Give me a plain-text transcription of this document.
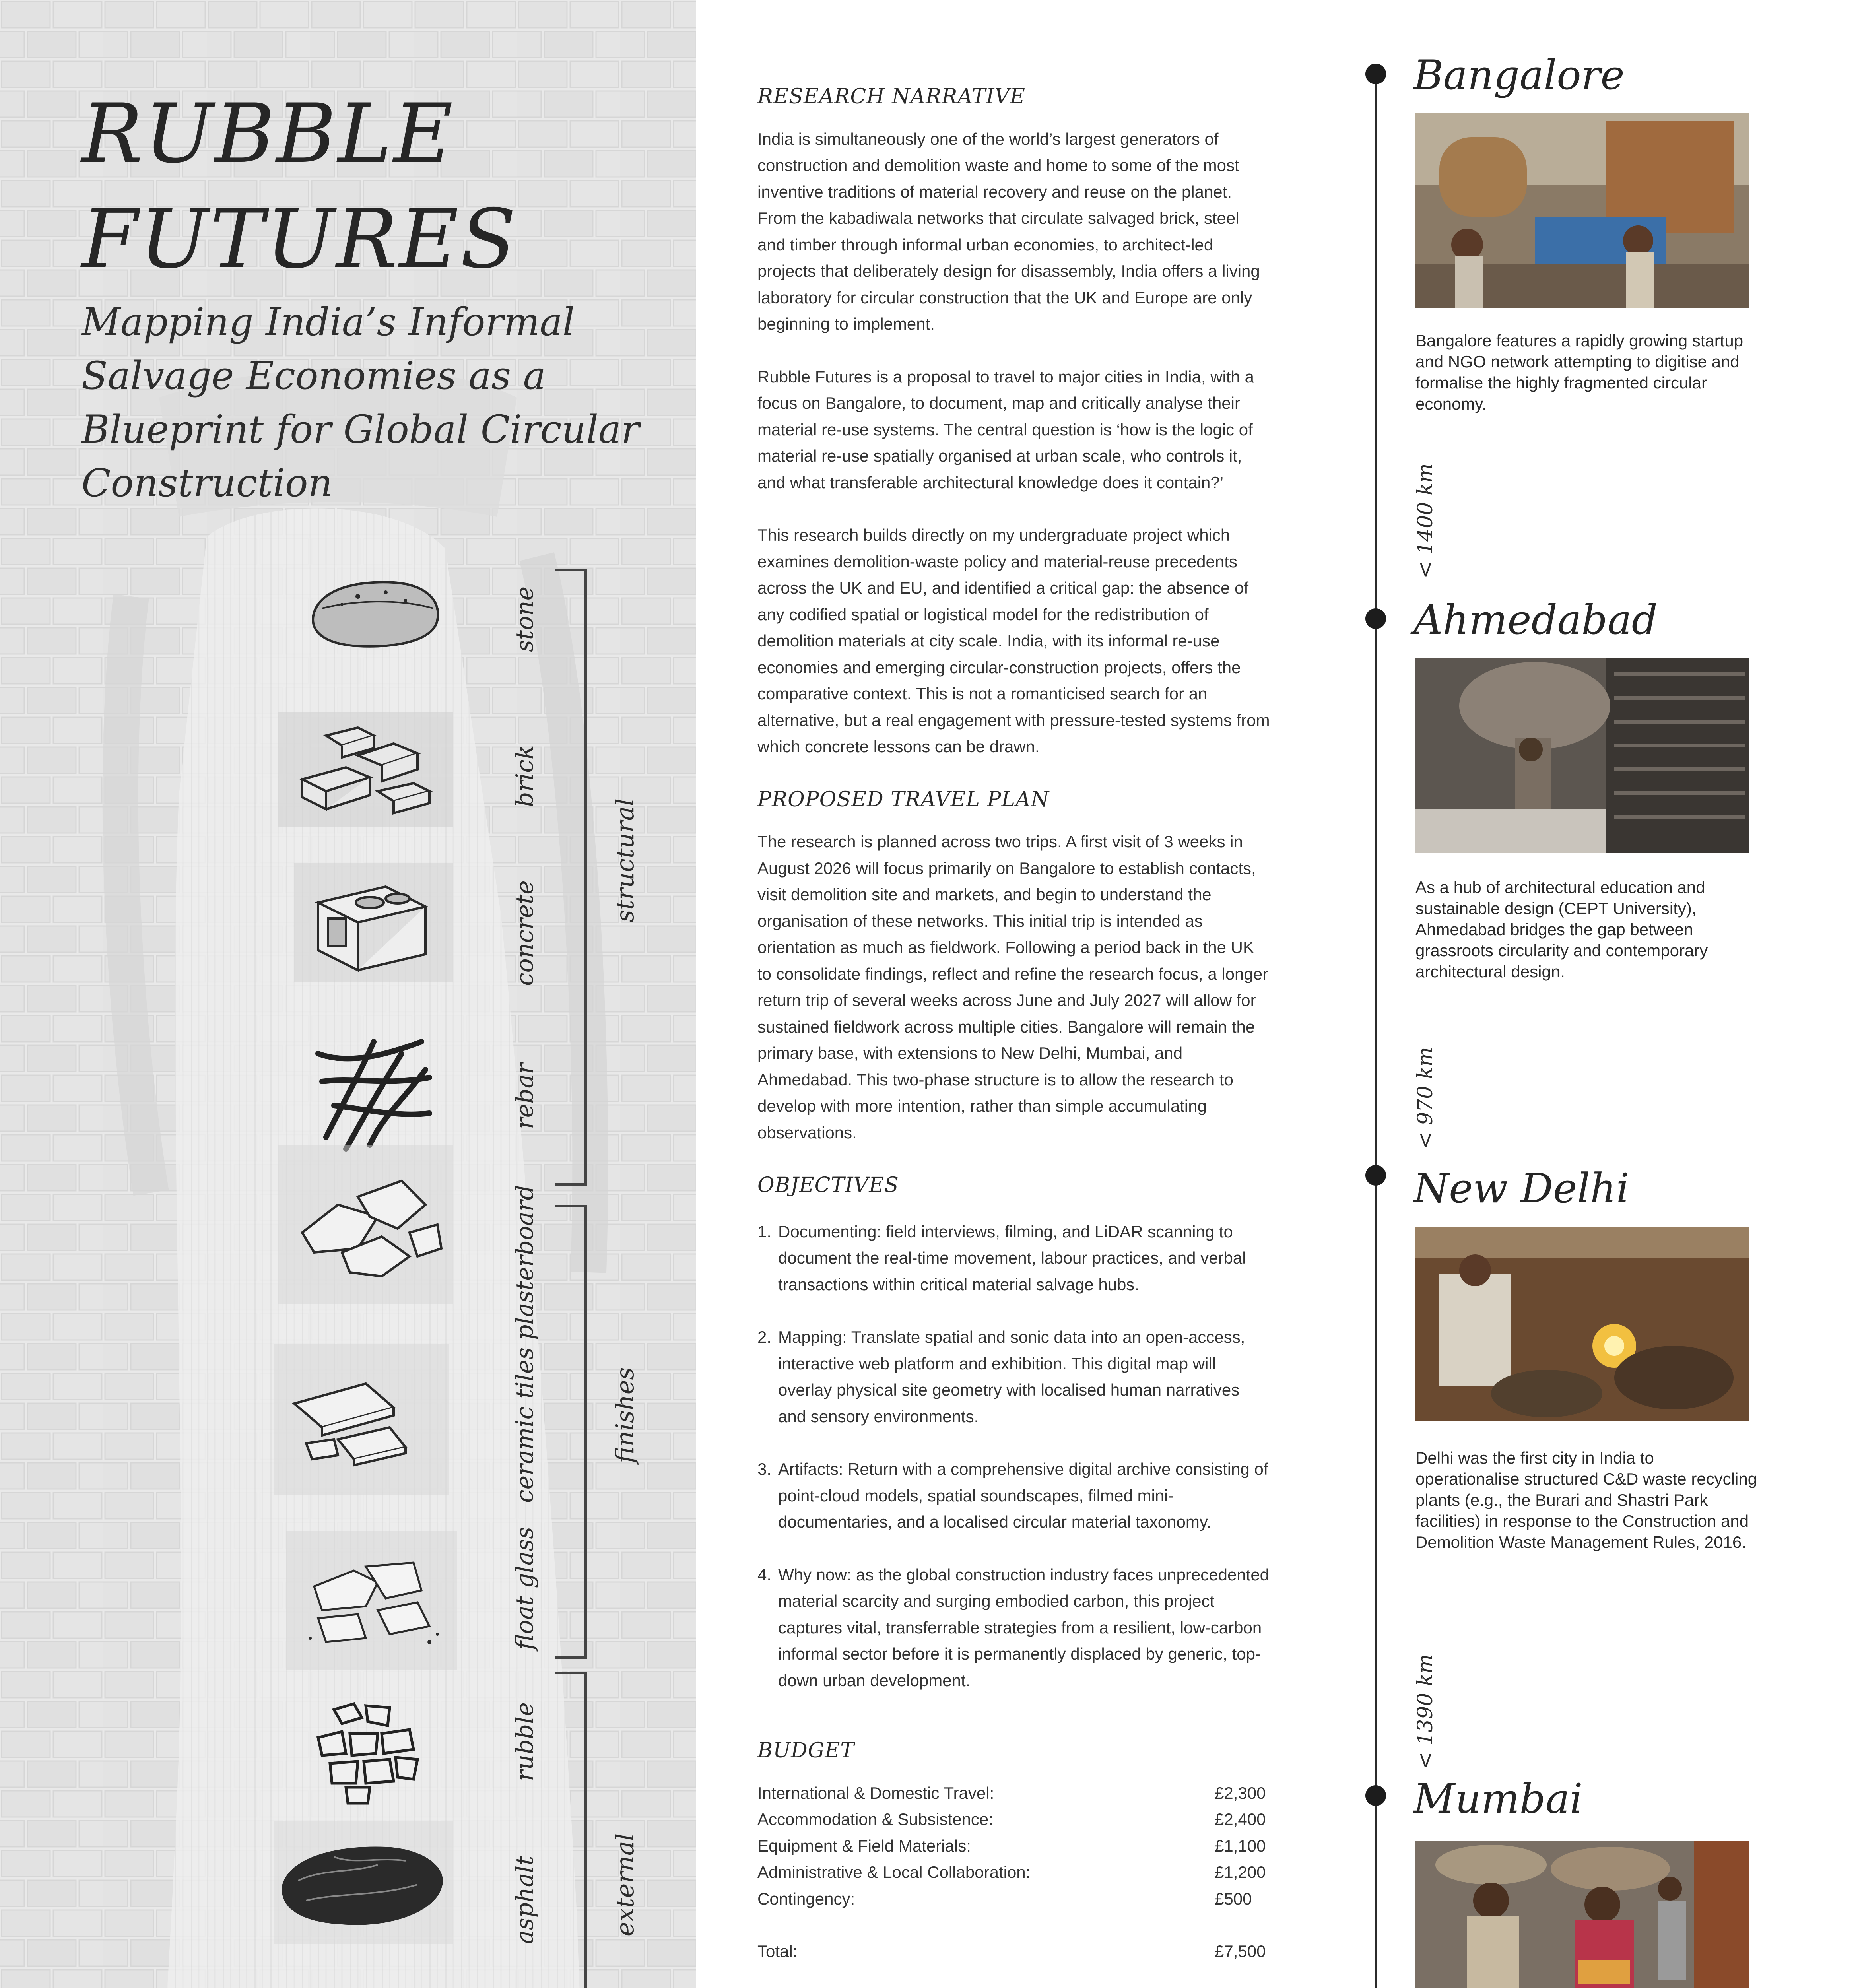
RUBBLE
FUTURES
Mapping India’s Informal Salvage Economies as a Blueprint for Global Circular Construction
stone
brick
concrete
rebar
plasterboard
ceramic tiles
float glass
rubble
asphalt
structural
finishes
external
RESEARCH NARRATIVE

India is simultaneously one of the world’s largest generators of construction and demolition waste and home to some of the most inventive traditions of material recovery and reuse on the planet. From the kabadiwala networks that circulate salvaged brick, steel and timber through informal urban economies, to architect-led projects that deliberately design for disassembly, India offers a living laboratory for circular construction that the UK and Europe are only beginning to implement.

Rubble Futures is a proposal to travel to major cities in India, with a focus on Bangalore, to document, map and critically analyse their material re-use systems. The central question is ‘how is the logic of material re-use spatially organised at urban scale, who controls it, and what transferable architectural knowledge does it contain?’

This research builds directly on my undergraduate project which examines demolition-waste policy and material-reuse precedents across the UK and EU, and identified a critical gap: the absence of any codified spatial or logistical model for the redistribution of demolition materials at city scale. India, with its informal re-use economies and emerging circular-construction projects, offers the comparative context. This is not a romanticised search for an alternative, but a real engagement with pressure-tested systems from which concrete lessons can be drawn.

PROPOSED TRAVEL PLAN

The research is planned across two trips. A first visit of 3 weeks in August 2026 will focus primarily on Bangalore to establish contacts, visit demolition site and markets, and begin to understand the organisation of these networks. This initial trip is intended as orientation as much as fieldwork. Following a period back in the UK to consolidate findings, reflect and refine the research focus, a longer return trip of several weeks across June and July 2027 will allow for sustained fieldwork across multiple cities. Bangalore will remain the primary base, with extensions to New Delhi, Mumbai, and Ahmedabad. This two-phase structure is to allow the research to develop with more intention, rather than simple accumulating observations.

OBJECTIVES
1. Documenting: field interviews, filming, and LiDAR scanning to document the real-time movement, labour practices, and verbal transactions within critical material salvage hubs.
2. Mapping: Translate spatial and sonic data into an open-access, interactive web platform and exhibition. This digital map will overlay physical site geometry with localised human narratives and sensory environments.
3. Artifacts: Return with a comprehensive digital archive consisting of point-cloud models, spatial soundscapes, filmed mini-documentaries, and a localised circular material taxonomy.
4. Why now: as the global construction industry faces unprecedented material scarcity and surging embodied carbon, this project captures vital, transferrable strategies from a resilient, low-carbon informal sector before it is permanently displaced by generic, top-down urban development.
BUDGET
International & Domestic Travel:	£2,300
Accommodation & Subsistence:	£2,400
Equipment & Field Materials:	£1,100
Administrative & Local Collaboration:	£1,200
Contingency:	£500
Total:	£7,500
Bangalore
Bangalore features a rapidly growing startup and NGO network attempting to digitise and formalise the highly fragmented circular economy.
Ahmedabad
As a hub of architectural education and sustainable design (CEPT University), Ahmedabad bridges the gap between grassroots circularity and contemporary architectural design.
New Delhi
Delhi was the first city in India to operationalise structured C&D waste recycling plants (e.g., the Burari and Shastri Park facilities) in response to the Construction and Demolition Waste Management Rules, 2016.
Mumbai
< 1400 km
< 970 km
< 1390 km
